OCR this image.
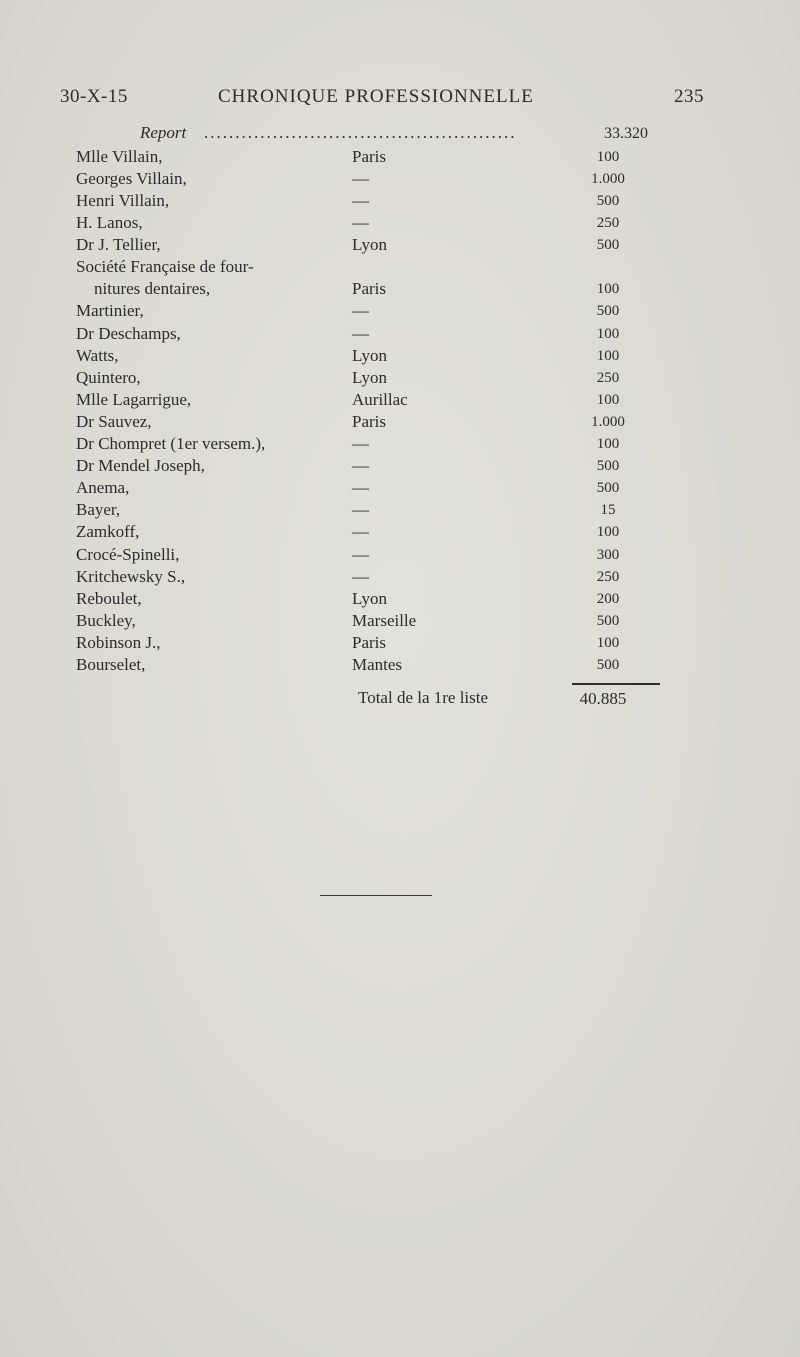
30-X-15	CHRONIQUE PROFESSIONNELLE	235
Report ..................................................	33.320
Mlle Villain,	Paris	100
Georges Villain,	—	1.000
Henri Villain,	—	500
H. Lanos,	—	250
Dr J. Tellier,	Lyon	500
Société Française de four-
nitures dentaires,	Paris	100
Martinier,	—	500
Dr Deschamps,	—	100
Watts,	Lyon	100
Quintero,	Lyon	250
Mlle Lagarrigue,	Aurillac	100
Dr Sauvez,	Paris	1.000
Dr Chompret (1er versem.),	—	100
Dr Mendel Joseph,	—	500
Anema,	—	500
Bayer,	—	15
Zamkoff,	—	100
Crocé-Spinelli,	—	300
Kritchewsky S.,	—	250
Reboulet,	Lyon	200
Buckley,	Marseille	500
Robinson J.,	Paris	100
Bourselet,	Mantes	500
Total de la 1re liste	40.885
